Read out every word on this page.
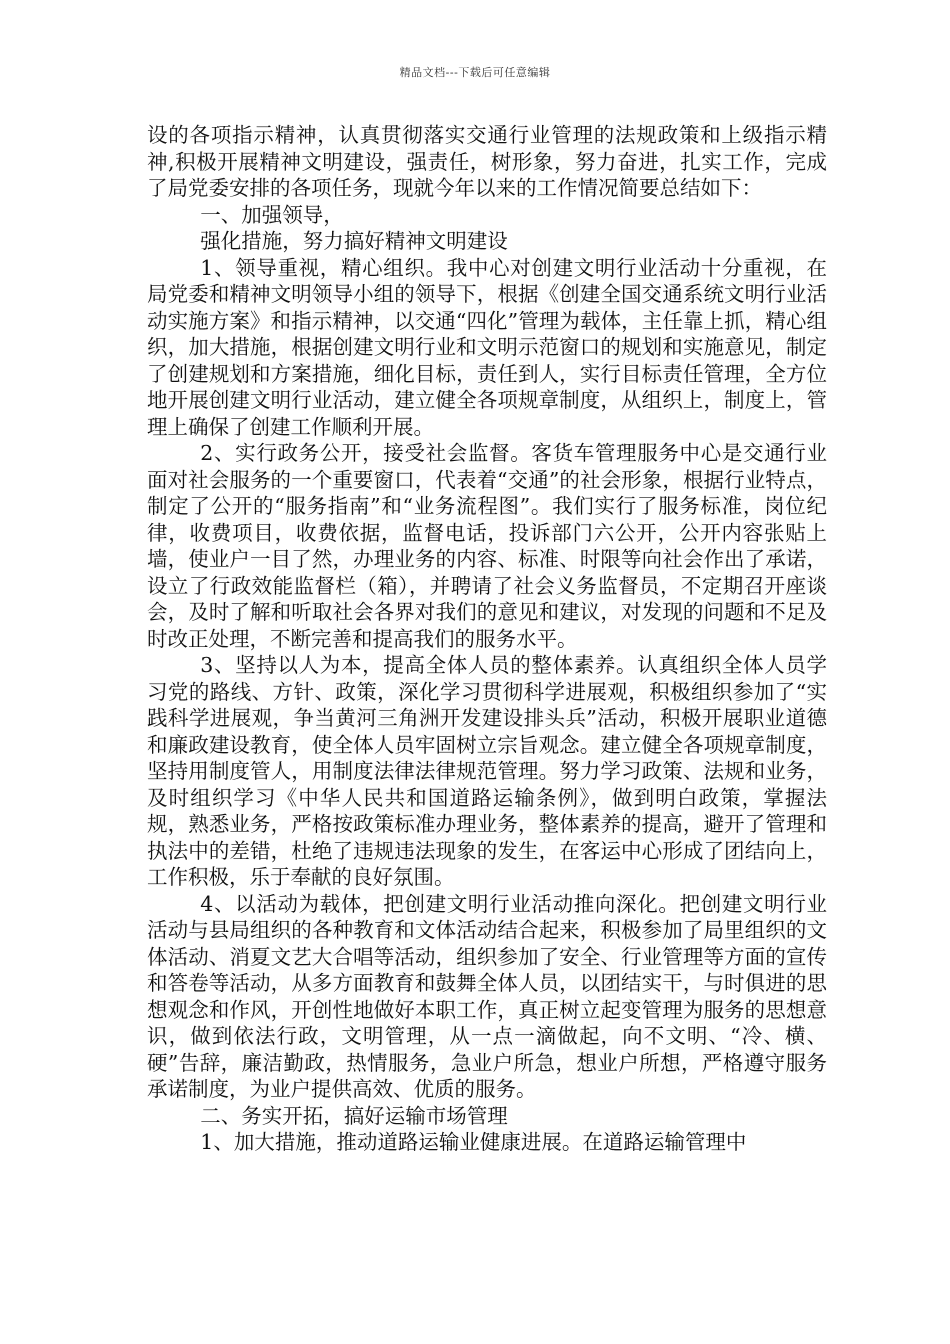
精品文档---下载后可任意编辑

设的各项指示精神，认真贯彻落实交通行业管理的法规政策和上级指示精神,积极开展精神文明建设，强责任，树形象，努力奋进，扎实工作，完成了局党委安排的各项任务，现就今年以来的工作情况简要总结如下：

一、加强领导，

强化措施，努力搞好精神文明建设

1、领导重视，精心组织。我中心对创建文明行业活动十分重视，在局党委和精神文明领导小组的领导下，根据《创建全国交通系统文明行业活动实施方案》和指示精神，以交通“四化”管理为载体，主任靠上抓，精心组织，加大措施，根据创建文明行业和文明示范窗口的规划和实施意见，制定了创建规划和方案措施，细化目标，责任到人，实行目标责任管理，全方位地开展创建文明行业活动，建立健全各项规章制度，从组织上，制度上，管理上确保了创建工作顺利开展。

2、实行政务公开，接受社会监督。客货车管理服务中心是交通行业面对社会服务的一个重要窗口，代表着“交通”的社会形象，根据行业特点，制定了公开的“服务指南”和“业务流程图”。我们实行了服务标准，岗位纪律，收费项目，收费依据，监督电话，投诉部门六公开，公开内容张贴上墙，使业户一目了然，办理业务的内容、标准、时限等向社会作出了承诺，设立了行政效能监督栏（箱），并聘请了社会义务监督员，不定期召开座谈会，及时了解和听取社会各界对我们的意见和建议，对发现的问题和不足及时改正处理，不断完善和提高我们的服务水平。

3、坚持以人为本，提高全体人员的整体素养。认真组织全体人员学习党的路线、方针、政策，深化学习贯彻科学进展观，积极组织参加了“实践科学进展观，争当黄河三角洲开发建设排头兵”活动，积极开展职业道德和廉政建设教育，使全体人员牢固树立宗旨观念。建立健全各项规章制度，坚持用制度管人，用制度法律法律规范管理。努力学习政策、法规和业务，及时组织学习《中华人民共和国道路运输条例》，做到明白政策，掌握法规，熟悉业务，严格按政策标准办理业务，整体素养的提高，避开了管理和执法中的差错，杜绝了违规违法现象的发生，在客运中心形成了团结向上，工作积极，乐于奉献的良好氛围。

4、以活动为载体，把创建文明行业活动推向深化。把创建文明行业活动与县局组织的各种教育和文体活动结合起来，积极参加了局里组织的文体活动、消夏文艺大合唱等活动，组织参加了安全、行业管理等方面的宣传和答卷等活动，从多方面教育和鼓舞全体人员，以团结实干，与时俱进的思想观念和作风，开创性地做好本职工作，真正树立起变管理为服务的思想意识，做到依法行政，文明管理，从一点一滴做起，向不文明、“冷、横、硬”告辞，廉洁勤政，热情服务，急业户所急，想业户所想，严格遵守服务承诺制度，为业户提供高效、优质的服务。

二、务实开拓，搞好运输市场管理

1、加大措施，推动道路运输业健康进展。在道路运输管理中
